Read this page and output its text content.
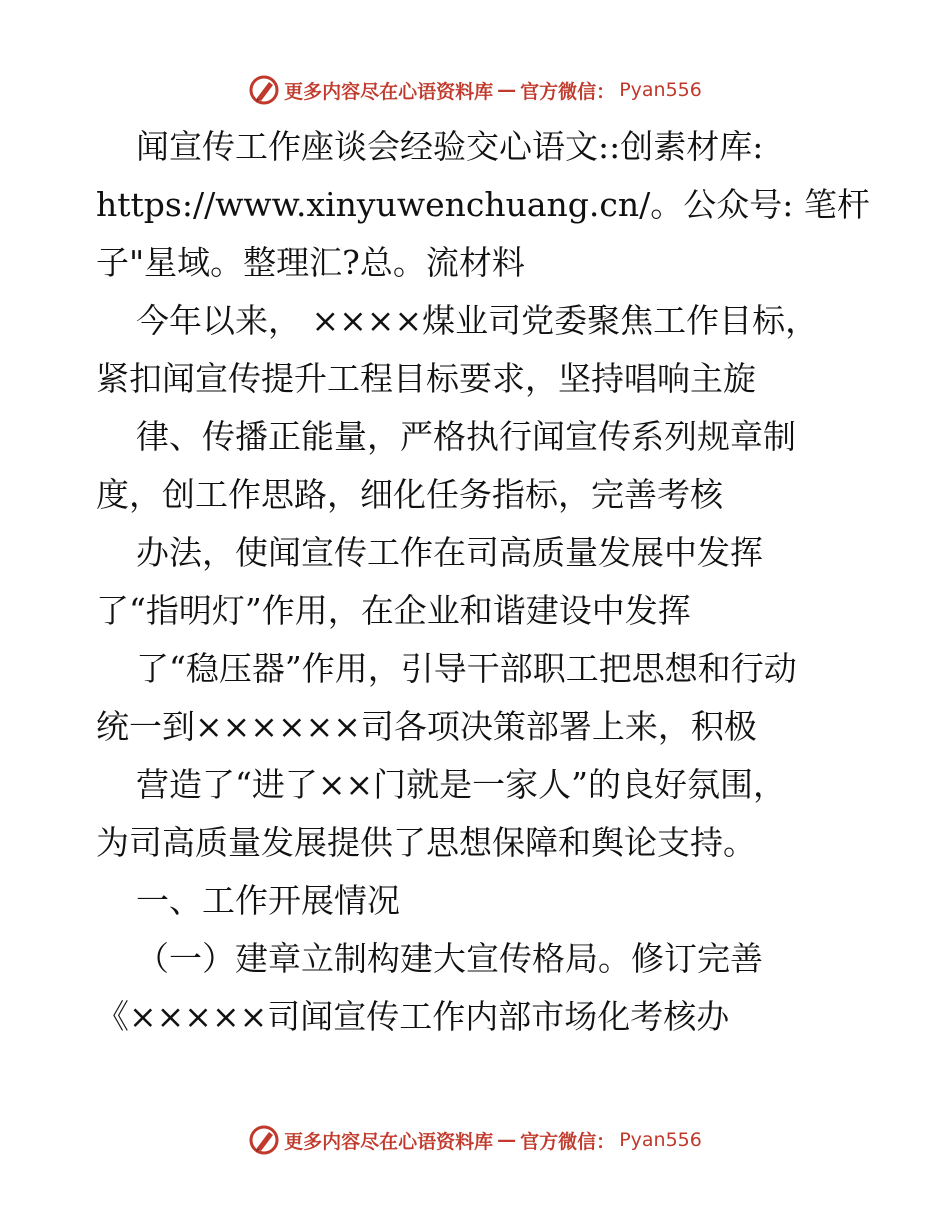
更多内容尽在心语资料库 — 官方微信： Pyan556
闻宣传工作座谈会经验交心语文::创素材库:
https://www.xinyuwenchuang.cn/。公众号: 笔杆
子"星域。整理汇?总。流材料
今年以来， ××××煤业司党委聚焦工作目标，
紧扣闻宣传提升工程目标要求，坚持唱响主旋
律、传播正能量，严格执行闻宣传系列规章制
度，创工作思路，细化任务指标，完善考核
办法，使闻宣传工作在司高质量发展中发挥
了“指明灯”作用，在企业和谐建设中发挥
了“稳压器”作用，引导干部职工把思想和行动
统一到××××××司各项决策部署上来，积极
营造了“进了××门就是一家人”的良好氛围，
为司高质量发展提供了思想保障和舆论支持。
一、工作开展情况
（一）建章立制构建大宣传格局。修订完善
《×××××司闻宣传工作内部市场化考核办
更多内容尽在心语资料库 — 官方微信： Pyan556
